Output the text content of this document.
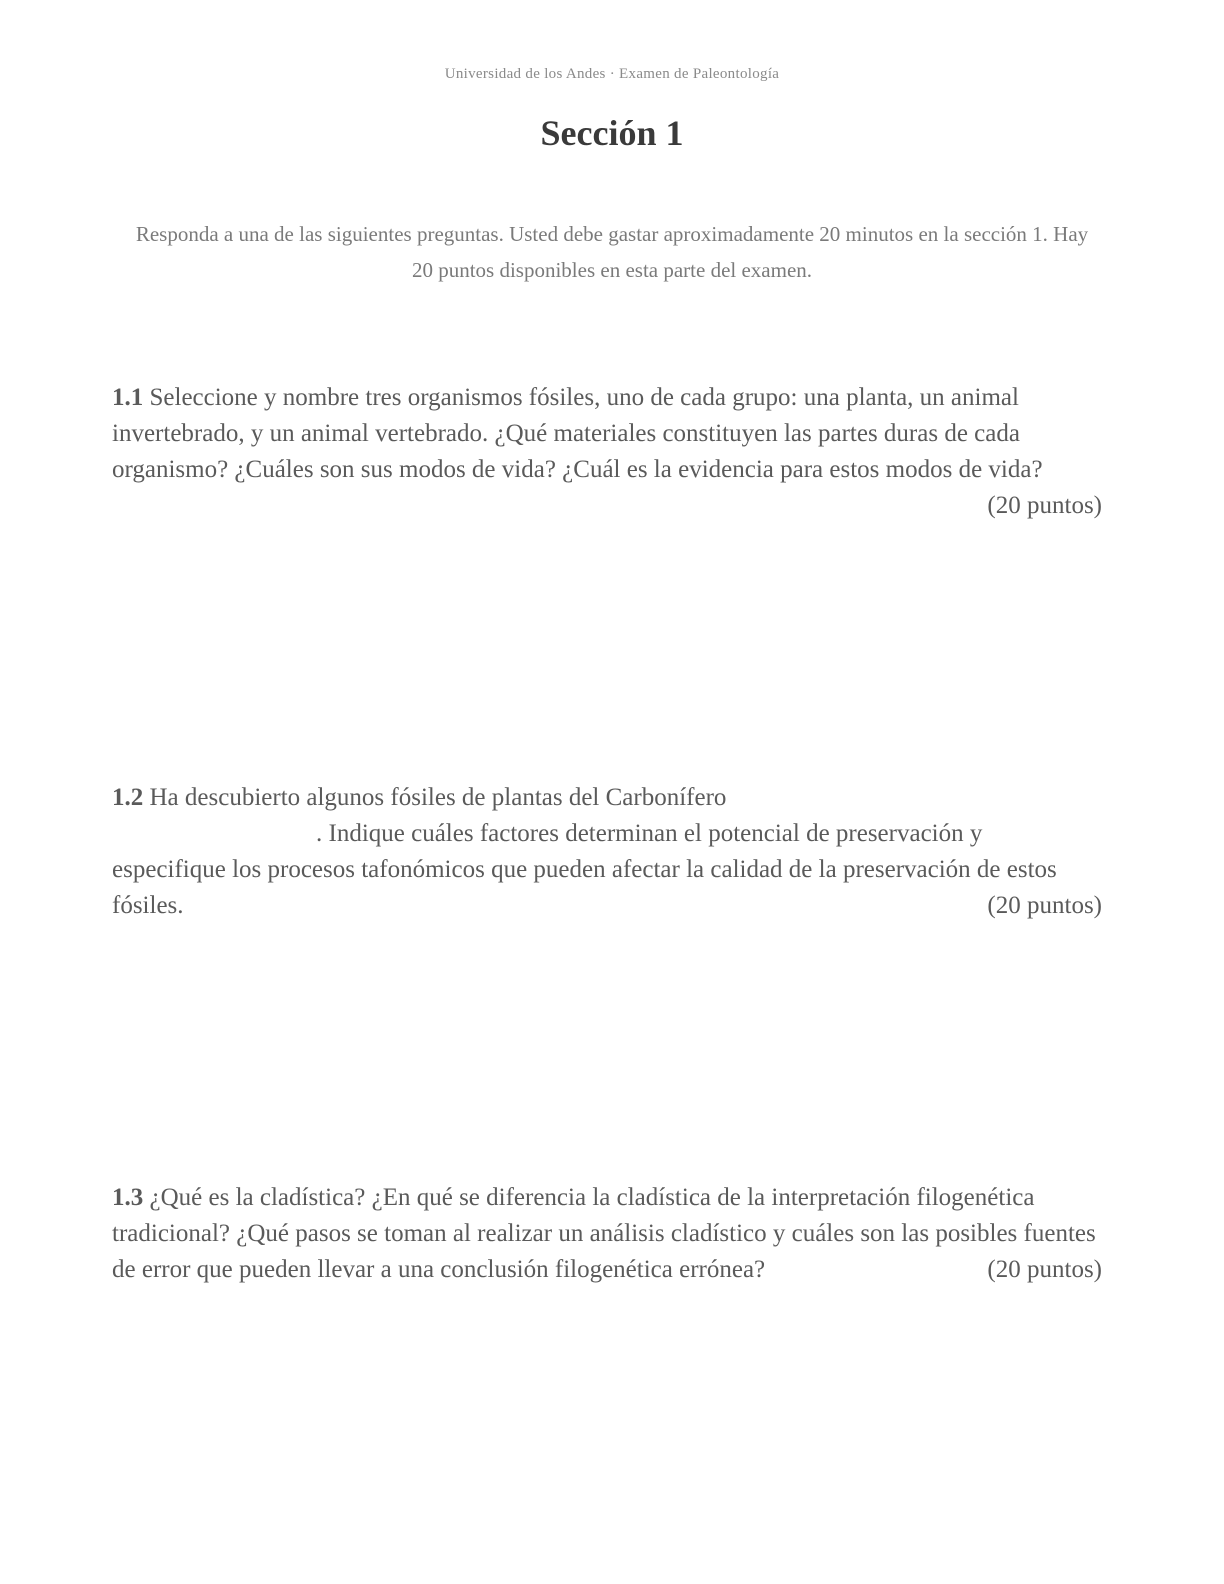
Universidad de los Andes · Examen de Paleontología
Sección 1
Responda a una de las siguientes preguntas. Usted debe gastar aproximadamente 20 minutos en la sección 1. Hay 20 puntos disponibles en esta parte del examen.
1.1 Seleccione y nombre tres organismos fósiles, uno de cada grupo: una planta, un animal invertebrado, y un animal vertebrado. ¿Qué materiales constituyen las partes duras de cada organismo? ¿Cuáles son sus modos de vida? ¿Cuál es la evidencia para estos modos de vida?
(20 puntos)
1.2 Ha descubierto algunos fósiles de plantas del Carbonífero
. Indique cuáles factores determinan el potencial de preservación y especifique los procesos tafonómicos que pueden afectar la calidad de la preservación de estos fósiles.	(20 puntos)
1.3 ¿Qué es la cladística? ¿En qué se diferencia la cladística de la interpretación filogenética tradicional? ¿Qué pasos se toman al realizar un análisis cladístico y cuáles son las posibles fuentes de error que pueden llevar a una conclusión filogenética errónea?	(20 puntos)
